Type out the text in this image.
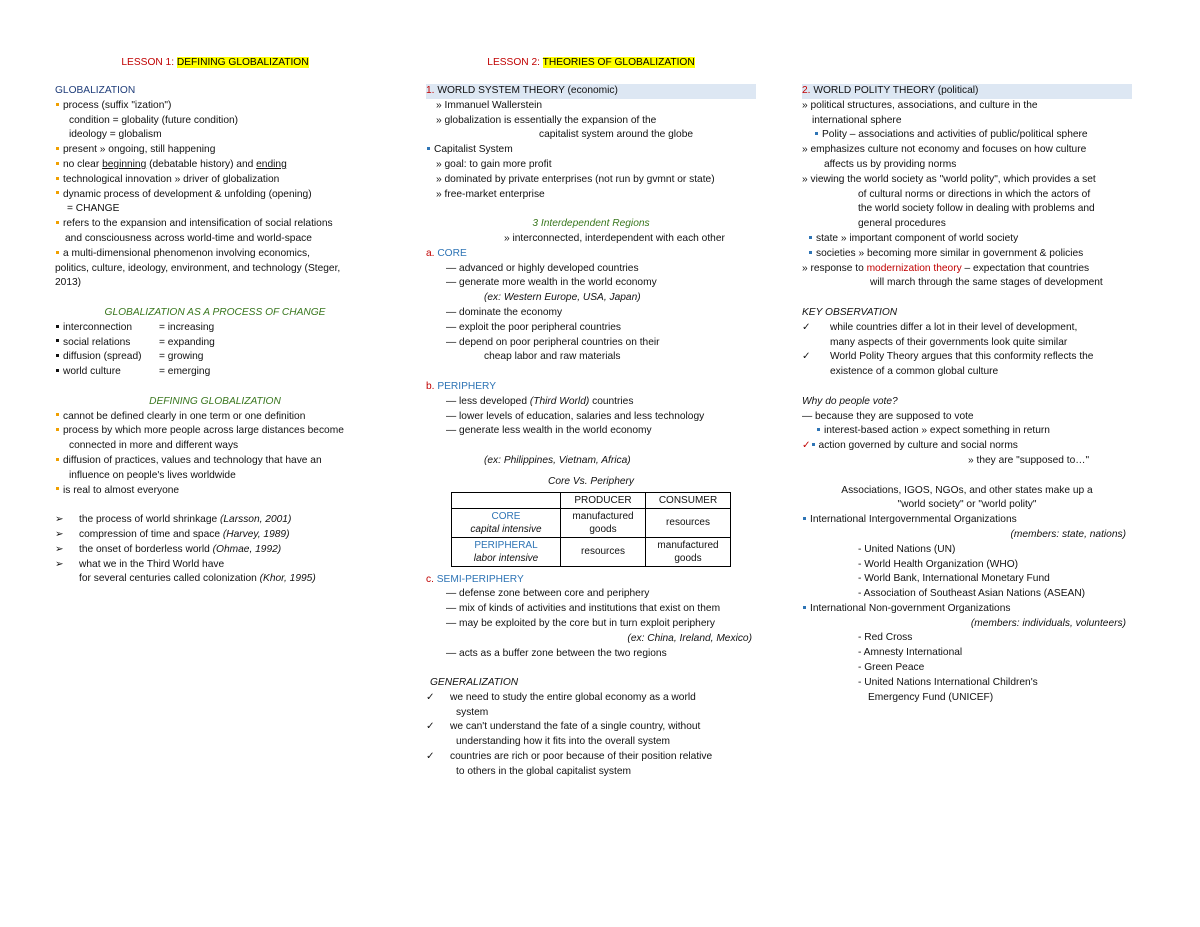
LESSON 1: DEFINING GLOBALIZATION
GLOBALIZATION
process (suffix "ization")
condition = globality (future condition)
ideology = globalism
present » ongoing, still happening
no clear beginning (debatable history) and ending
technological innovation » driver of globalization
dynamic process of development & unfolding (opening)
= CHANGE
refers to the expansion and intensification of social relations
and consciousness across world-time and world-space
a multi-dimensional phenomenon involving economics,
politics, culture, ideology, environment, and technology (Steger,
2013)
GLOBALIZATION AS A PROCESS OF CHANGE
interconnection	= increasing
social relations	= expanding
diffusion (spread) = growing
world culture	= emerging
DEFINING GLOBALIZATION
cannot be defined clearly in one term or one definition
process by which more people across large distances become
connected in more and different ways
diffusion of practices, values and technology that have an
influence on people's lives worldwide
is real to almost everyone
➢ the process of world shrinkage (Larsson, 2001)
➢ compression of time and space (Harvey, 1989)
➢ the onset of borderless world (Ohmae, 1992)
➢ what we in the Third World have
for several centuries called colonization (Khor, 1995)
LESSON 2: THEORIES OF GLOBALIZATION
1. WORLD SYSTEM THEORY (economic)
» Immanuel Wallerstein
» globalization is essentially the expansion of the
capitalist system around the globe
Capitalist System
» goal: to gain more profit
» dominated by private enterprises (not run by gvmnt or state)
» free-market enterprise
3 Interdependent Regions
» interconnected, interdependent with each other
a. CORE
— advanced or highly developed countries
— generate more wealth in the world economy
(ex: Western Europe, USA, Japan)
— dominate the economy
— exploit the poor peripheral countries
— depend on poor peripheral countries on their
cheap labor and raw materials
b. PERIPHERY
— less developed (Third World) countries
— lower levels of education, salaries and less technology
— generate less wealth in the world economy
(ex: Philippines, Vietnam, Africa)
Core Vs. Periphery
	PRODUCER	CONSUMER
CORE
capital intensive	manufactured goods	resources
PERIPHERAL
labor intensive	resources	manufactured goods
c. SEMI-PERIPHERY
— defense zone between core and periphery
— mix of kinds of activities and institutions that exist on them
— may be exploited by the core but in turn exploit periphery
(ex: China, Ireland, Mexico)
— acts as a buffer zone between the two regions
GENERALIZATION
✓ we need to study the entire global economy as a world
system
✓ we can't understand the fate of a single country, without
understanding how it fits into the overall system
✓ countries are rich or poor because of their position relative
to others in the global capitalist system
2. WORLD POLITY THEORY (political)
» political structures, associations, and culture in the
international sphere
Polity – associations and activities of public/political sphere
» emphasizes culture not economy and focuses on how culture
affects us by providing norms
» viewing the world society as "world polity", which provides a set
of cultural norms or directions in which the actors of
the world society follow in dealing with problems and
general procedures
state » important component of world society
societies » becoming more similar in government & policies
» response to modernization theory – expectation that countries
will march through the same stages of development
KEY OBSERVATION
✓ while countries differ a lot in their level of development,
many aspects of their governments look quite similar
✓ World Polity Theory argues that this conformity reflects the
existence of a common global culture
Why do people vote?
— because they are supposed to vote
interest-based action » expect something in return
✓ action governed by culture and social norms
» they are "supposed to…"
Associations, IGOS, NGOs, and other states make up a
"world society" or "world polity"
International Intergovernmental Organizations
(members: state, nations)
- United Nations (UN)
- World Health Organization (WHO)
- World Bank, International Monetary Fund
- Association of Southeast Asian Nations (ASEAN)
International Non-government Organizations
(members: individuals, volunteers)
- Red Cross
- Amnesty International
- Green Peace
- United Nations International Children's
Emergency Fund (UNICEF)
